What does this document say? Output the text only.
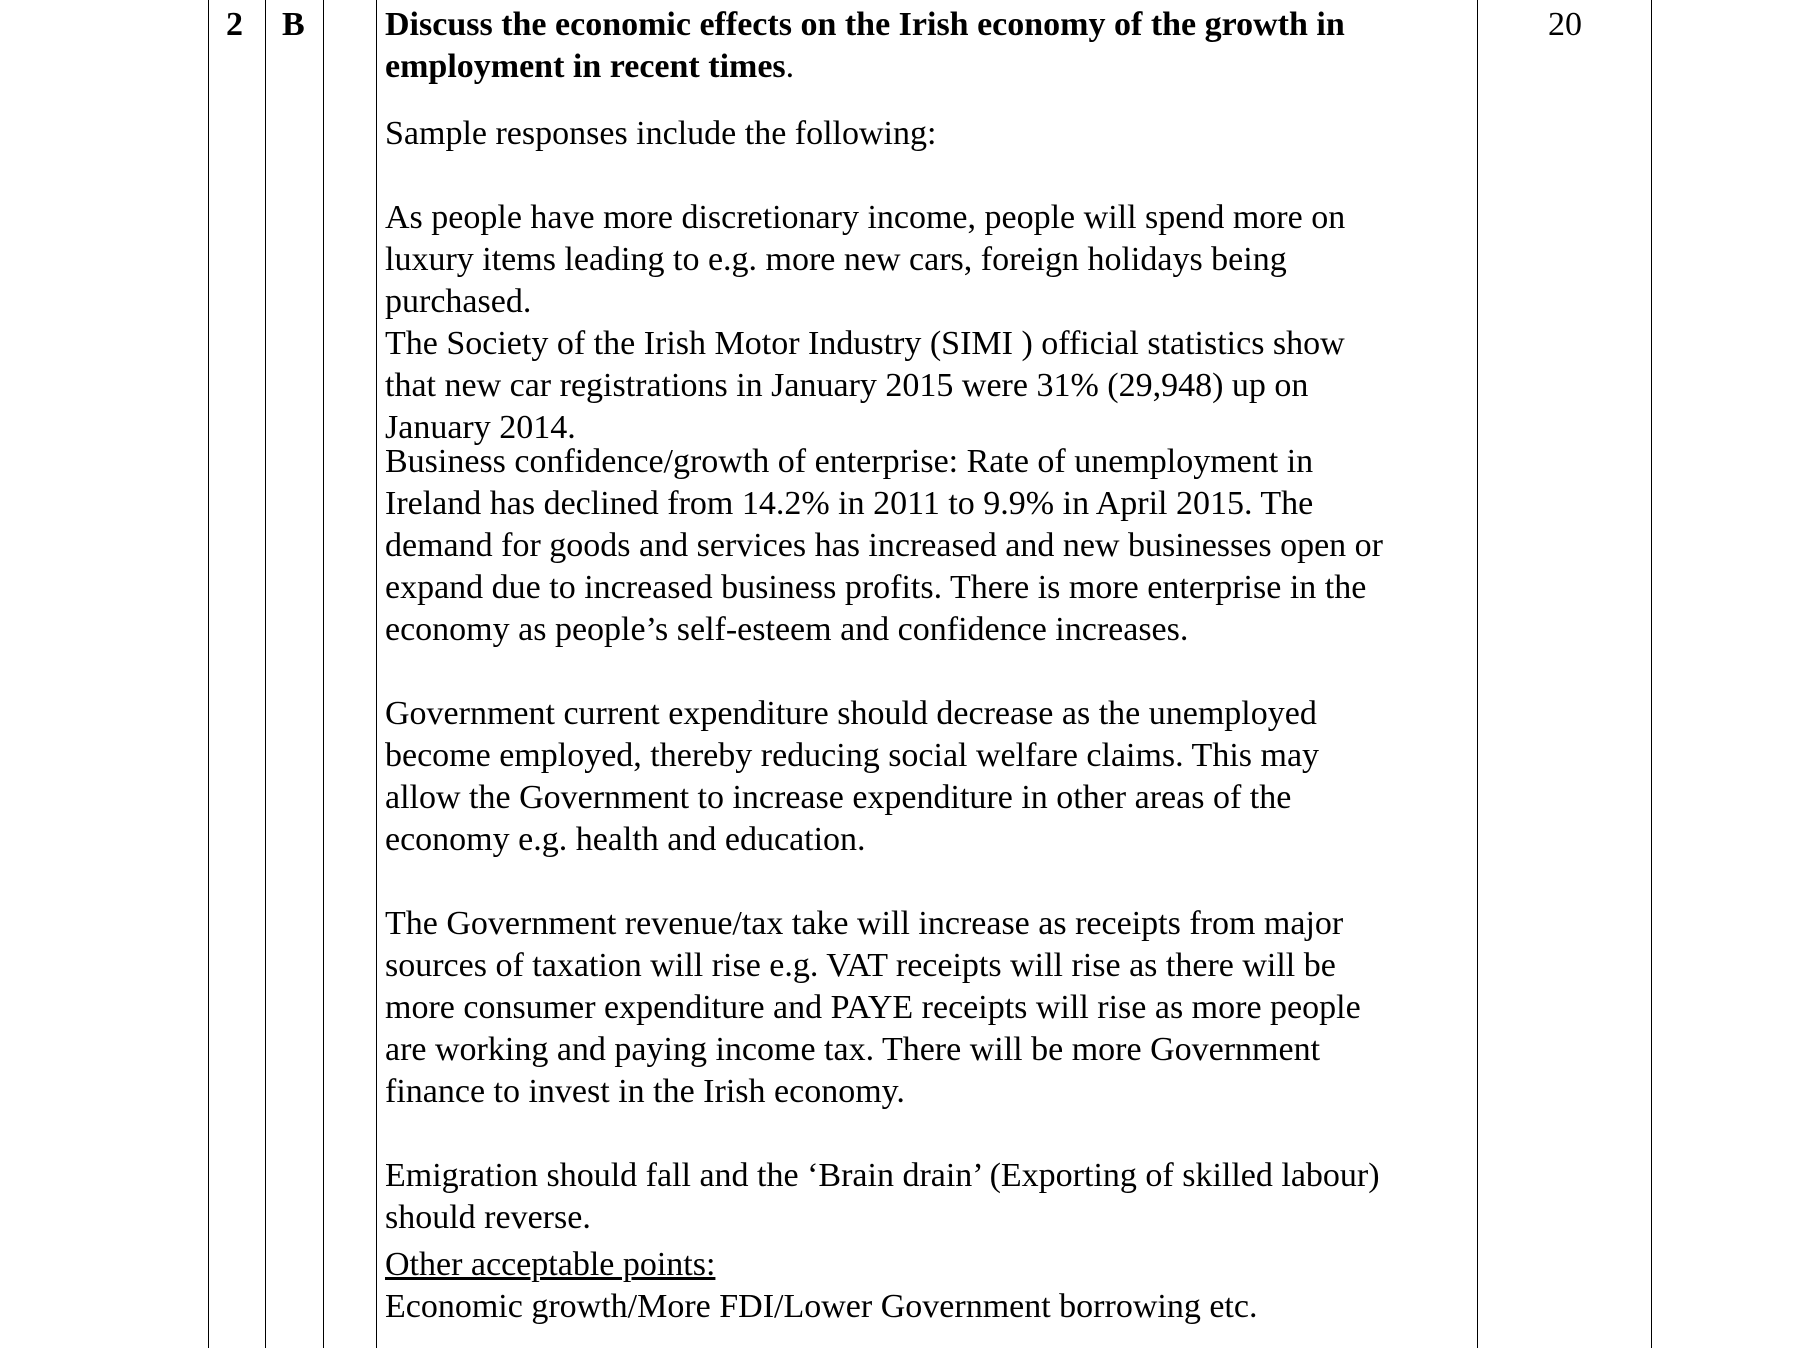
2 B	20

Discuss the economic effects on the Irish economy of the growth in employment in recent times.

Sample responses include the following:

As people have more discretionary income, people will spend more on
luxury items leading to e.g. more new cars, foreign holidays being
purchased.

The Society of the Irish Motor Industry (SIMI ) official statistics show
that new car registrations in January 2015 were 31% (29,948) up on
January 2014.

Business confidence/growth of enterprise: Rate of unemployment in
Ireland has declined from 14.2% in 2011 to 9.9% in April 2015. The
demand for goods and services has increased and new businesses open or
expand due to increased business profits. There is more enterprise in the
economy as people’s self-esteem and confidence increases.

Government current expenditure should decrease as the unemployed
become employed, thereby reducing social welfare claims. This may
allow the Government to increase expenditure in other areas of the
economy e.g. health and education.

The Government revenue/tax take will increase as receipts from major
sources of taxation will rise e.g. VAT receipts will rise as there will be
more consumer expenditure and PAYE receipts will rise as more people
are working and paying income tax. There will be more Government
finance to invest in the Irish economy.

Emigration should fall and the ‘Brain drain’ (Exporting of skilled labour)
should reverse.

Other acceptable points:

Economic growth/More FDI/Lower Government borrowing etc.
